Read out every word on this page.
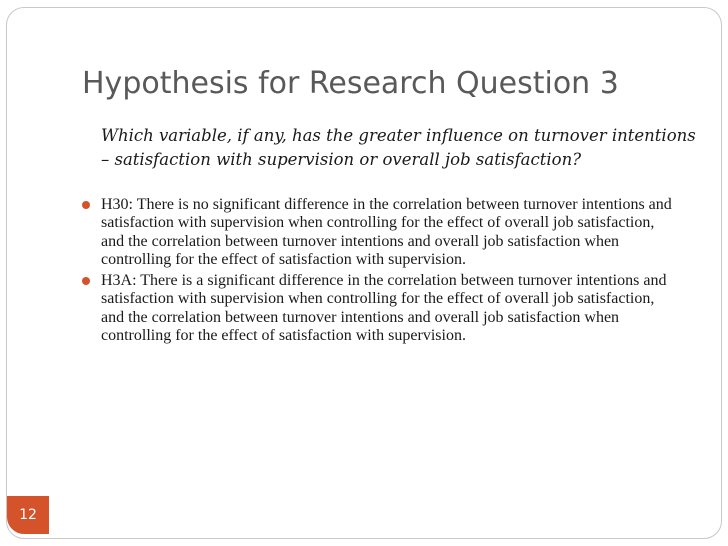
Hypothesis for Research Question 3

Which variable, if any, has the greater influence on turnover intentions – satisfaction with supervision or overall job satisfaction?

H30: There is no significant difference in the correlation between turnover intentions and satisfaction with supervision when controlling for the effect of overall job satisfaction, and the correlation between turnover intentions and overall job satisfaction when controlling for the effect of satisfaction with supervision.
H3A: There is a significant difference in the correlation between turnover intentions and satisfaction with supervision when controlling for the effect of overall job satisfaction, and the correlation between turnover intentions and overall job satisfaction when controlling for the effect of satisfaction with supervision.
12
